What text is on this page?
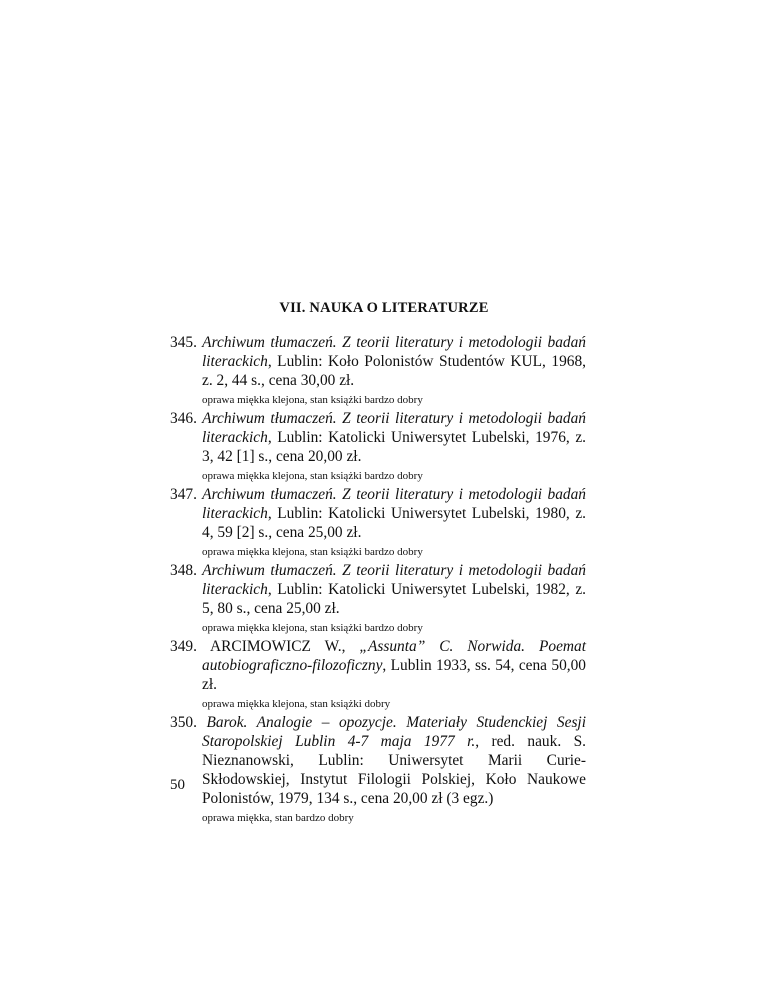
VII. NAUKA O LITERATURZE

345. Archiwum tłumaczeń. Z teorii literatury i metodologii badań literackich, Lublin: Koło Polonistów Studentów KUL, 1968, z. 2, 44 s., cena 30,00 zł.

oprawa miękka klejona, stan książki bardzo dobry

346. Archiwum tłumaczeń. Z teorii literatury i metodologii badań literackich, Lublin: Katolicki Uniwersytet Lubelski, 1976, z. 3, 42 [1] s., cena 20,00 zł.

oprawa miękka klejona, stan książki bardzo dobry

347. Archiwum tłumaczeń. Z teorii literatury i metodologii badań literackich, Lublin: Katolicki Uniwersytet Lubelski, 1980, z. 4, 59 [2] s., cena 25,00 zł.

oprawa miękka klejona, stan książki bardzo dobry

348. Archiwum tłumaczeń. Z teorii literatury i metodologii badań literackich, Lublin: Katolicki Uniwersytet Lubelski, 1982, z. 5, 80 s., cena 25,00 zł.

oprawa miękka klejona, stan książki bardzo dobry

349. ARCIMOWICZ W., „Assunta” C. Norwida. Poemat autobiograficzno-filozoficzny, Lublin 1933, ss. 54, cena 50,00 zł.

oprawa miękka klejona, stan książki dobry

350. Barok. Analogie – opozycje. Materiały Studenckiej Sesji Staropolskiej Lublin 4-7 maja 1977 r., red. nauk. S. Nieznanowski, Lublin: Uniwersytet Marii Curie-Skłodowskiej, Instytut Filologii Polskiej, Koło Naukowe Polonistów, 1979, 134 s., cena 20,00 zł (3 egz.)

oprawa miękka, stan bardzo dobry

50
